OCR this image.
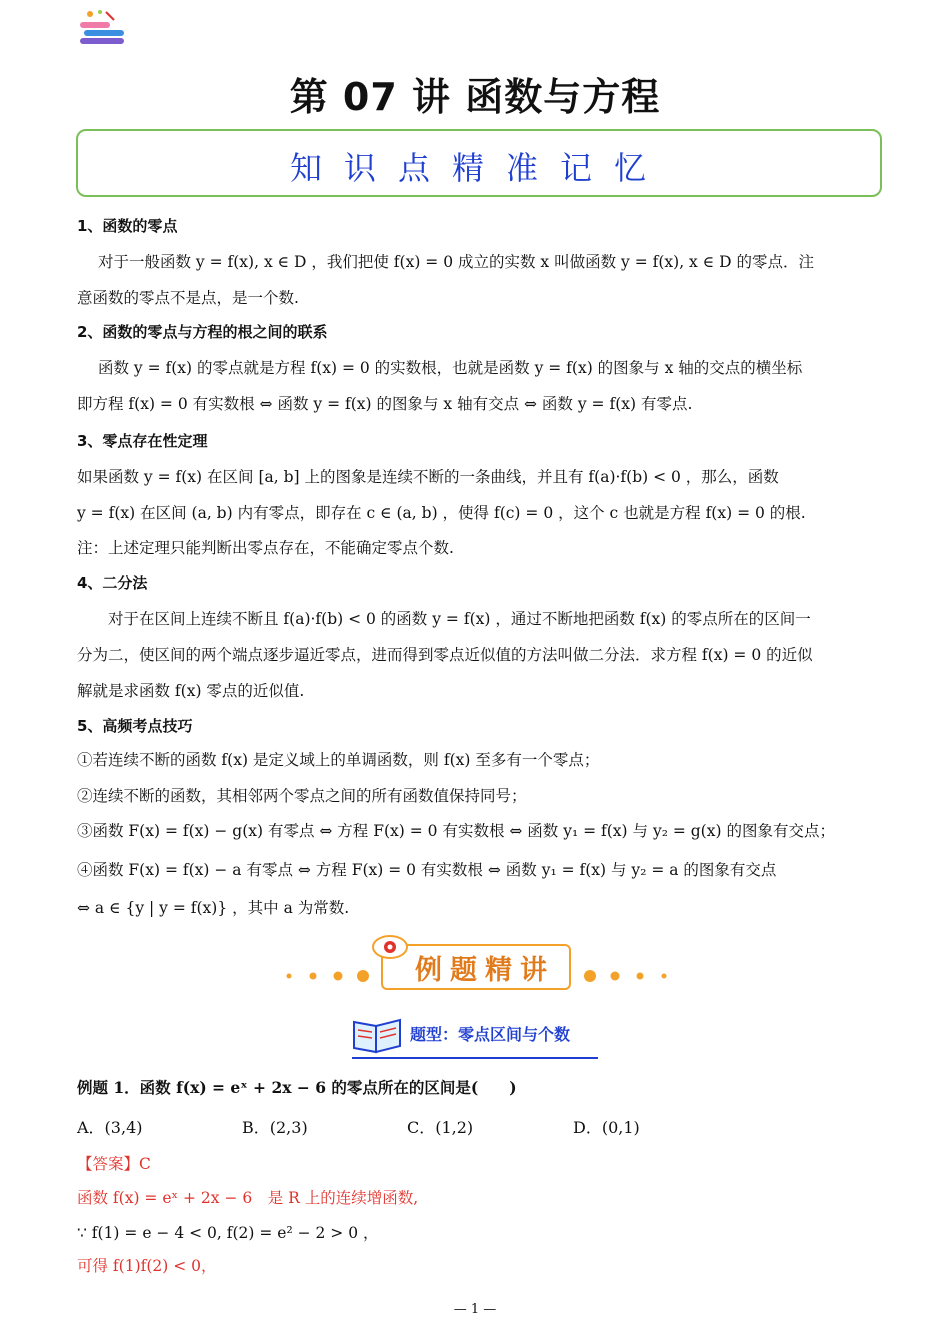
第 07 讲 函数与方程
知识点精准记忆
1、函数的零点
对于一般函数 y = f(x), x ∈ D ，我们把使 f(x) = 0 成立的实数 x 叫做函数 y = f(x), x ∈ D 的零点．注
意函数的零点不是点，是一个数.
2、函数的零点与方程的根之间的联系
函数 y = f(x) 的零点就是方程 f(x) = 0 的实数根，也就是函数 y = f(x) 的图象与 x 轴的交点的横坐标
即方程 f(x) = 0 有实数根 ⇔ 函数 y = f(x) 的图象与 x 轴有交点 ⇔ 函数 y = f(x) 有零点.
3、零点存在性定理
如果函数 y = f(x) 在区间 [a, b] 上的图象是连续不断的一条曲线，并且有 f(a)·f(b) < 0 ，那么，函数
y = f(x) 在区间 (a, b) 内有零点，即存在 c ∈ (a, b) ，使得 f(c) = 0 ，这个 c 也就是方程 f(x) = 0 的根.
注：上述定理只能判断出零点存在，不能确定零点个数.
4、二分法
对于在区间上连续不断且 f(a)·f(b) < 0 的函数 y = f(x) ，通过不断地把函数 f(x) 的零点所在的区间一
分为二，使区间的两个端点逐步逼近零点，进而得到零点近似值的方法叫做二分法．求方程 f(x) = 0 的近似
解就是求函数 f(x) 零点的近似值.
5、高频考点技巧
①若连续不断的函数 f(x) 是定义域上的单调函数，则 f(x) 至多有一个零点；
②连续不断的函数，其相邻两个零点之间的所有函数值保持同号；
③函数 F(x) = f(x) − g(x) 有零点 ⇔ 方程 F(x) = 0 有实数根 ⇔ 函数 y₁ = f(x) 与 y₂ = g(x) 的图象有交点；
④函数 F(x) = f(x) − a 有零点 ⇔ 方程 F(x) = 0 有实数根 ⇔ 函数 y₁ = f(x) 与 y₂ = a 的图象有交点
⇔ a ∈ {y | y = f(x)} ，其中 a 为常数.
例题精讲
题型：零点区间与个数
例题 1．函数 f(x) = eˣ + 2x − 6 的零点所在的区间是(　　)
A．(3,4)	B．(2,3)	C．(1,2)	D．(0,1)
【答案】C
函数 f(x) = eˣ + 2x − 6　是 R 上的连续增函数,
∵ f(1) = e − 4 < 0, f(2) = e² − 2 > 0 ，
可得 f(1)f(2) < 0，
— 1 —
